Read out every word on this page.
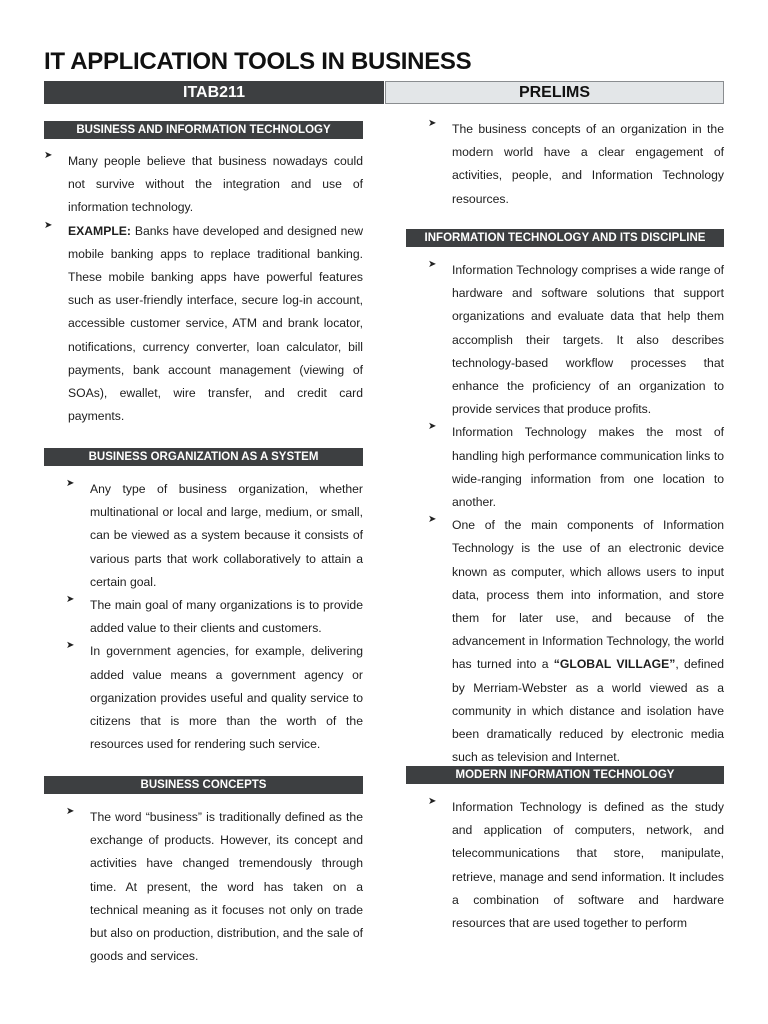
IT APPLICATION TOOLS IN BUSINESS
ITAB211	PRELIMS
BUSINESS AND INFORMATION TECHNOLOGY
➤ Many people believe that business nowadays could not survive without the integration and use of information technology.

➤ EXAMPLE: Banks have developed and designed new mobile banking apps to replace traditional banking. These mobile banking apps have powerful features such as user-friendly interface, secure log-in account, accessible customer service, ATM and brank locator, notifications, currency converter, loan calculator, bill payments, bank account management (viewing of SOAs), ewallet, wire transfer, and credit card payments.

BUSINESS ORGANIZATION AS A SYSTEM
➤ Any type of business organization, whether multinational or local and large, medium, or small, can be viewed as a system because it consists of various parts that work collaboratively to attain a certain goal.

➤ The main goal of many organizations is to provide added value to their clients and customers.

➤ In government agencies, for example, delivering added value means a government agency or organization provides useful and quality service to citizens that is more than the worth of the resources used for rendering such service.

BUSINESS CONCEPTS
➤ The word “business” is traditionally defined as the exchange of products. However, its concept and activities have changed tremendously through time. At present, the word has taken on a technical meaning as it focuses not only on trade but also on production, distribution, and the sale of goods and services.

➤ The business concepts of an organization in the modern world have a clear engagement of activities, people, and Information Technology resources.

INFORMATION TECHNOLOGY AND ITS DISCIPLINE
➤ Information Technology comprises a wide range of hardware and software solutions that support organizations and evaluate data that help them accomplish their targets. It also describes technology-based workflow processes that enhance the proficiency of an organization to provide services that produce profits.

➤ Information Technology makes the most of handling high performance communication links to wide-ranging information from one location to another.

➤ One of the main components of Information Technology is the use of an electronic device known as computer, which allows users to input data, process them into information, and store them for later use, and because of the advancement in Information Technology, the world has turned into a “GLOBAL VILLAGE”, defined by Merriam-Webster as a world viewed as a community in which distance and isolation have been dramatically reduced by electronic media such as television and Internet.

MODERN INFORMATION TECHNOLOGY
➤ Information Technology is defined as the study and application of computers, network, and telecommunications that store, manipulate, retrieve, manage and send information. It includes a combination of software and hardware resources that are used together to perform
